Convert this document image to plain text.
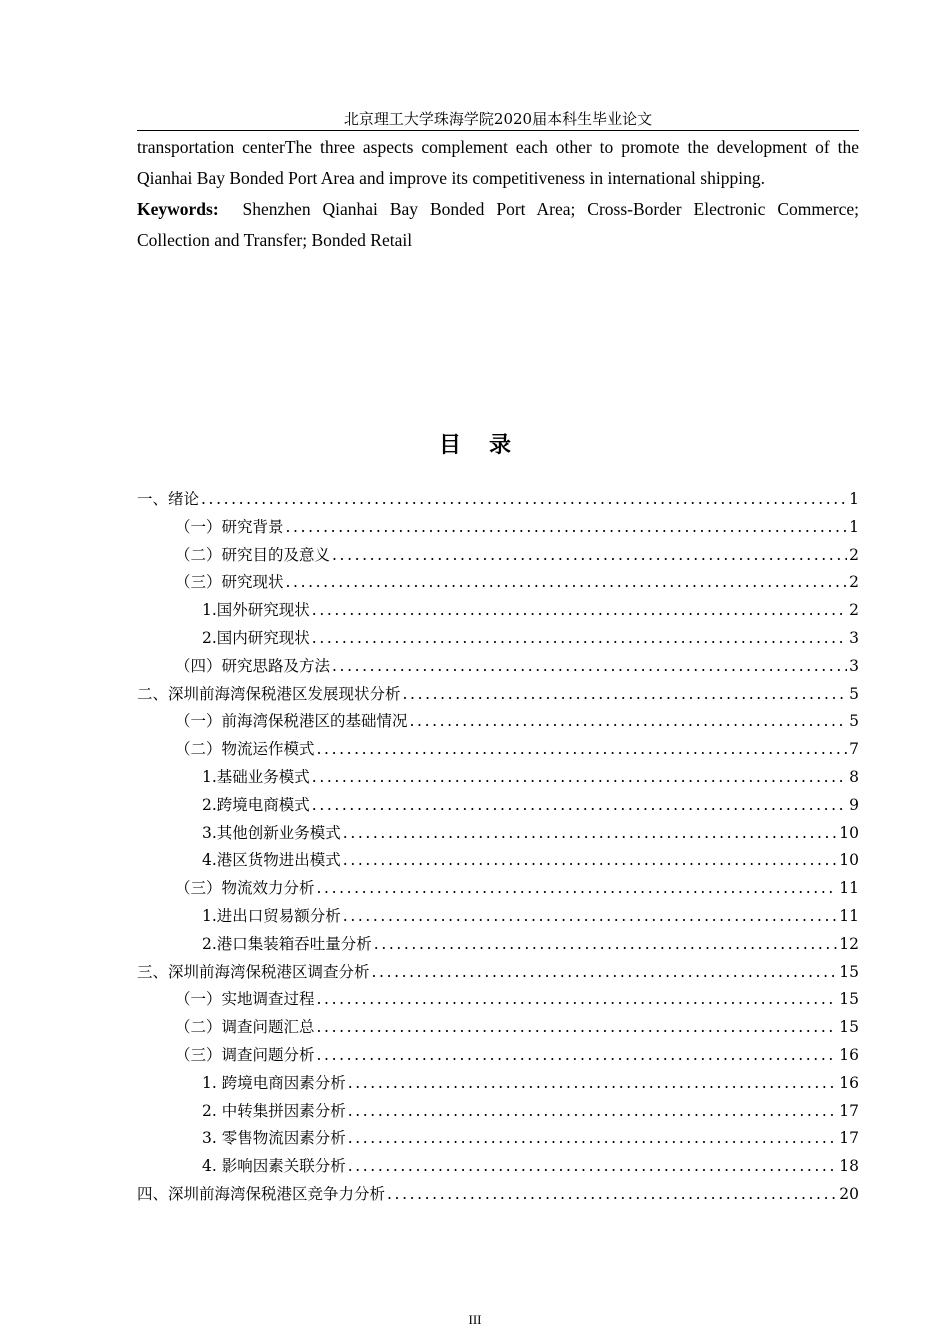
北京理工大学珠海学院2020届本科生毕业论文

transportation centerThe three aspects complement each other to promote the development of the Qianhai Bay Bonded Port Area and improve its competitiveness in international shipping.

Keywords: Shenzhen Qianhai Bay Bonded Port Area; Cross-Border Electronic Commerce; Collection and Transfer; Bonded Retail

目录
一、绪论 .....	1
（一）研究背景 .....	1
（二）研究目的及意义 .....	2
（三）研究现状 .....	2
1.国外研究现状 .....	2
2.国内研究现状 .....	3
（四）研究思路及方法 .....	3
二、深圳前海湾保税港区发展现状分析 .....	5
（一）前海湾保税港区的基础情况 .....	5
（二）物流运作模式 .....	7
1.基础业务模式 .....	8
2.跨境电商模式 .....	9
3.其他创新业务模式 .....	10
4.港区货物进出模式 .....	10
（三）物流效力分析 .....	11
1.进出口贸易额分析 .....	11
2.港口集装箱吞吐量分析 .....	12
三、深圳前海湾保税港区调查分析 .....	15
（一）实地调查过程 .....	15
（二）调查问题汇总 .....	15
（三）调查问题分析 .....	16
1. 跨境电商因素分析 .....	16
2. 中转集拼因素分析 .....	17
3. 零售物流因素分析 .....	17
4. 影响因素关联分析 .....	18
四、深圳前海湾保税港区竞争力分析 .....	20
III
